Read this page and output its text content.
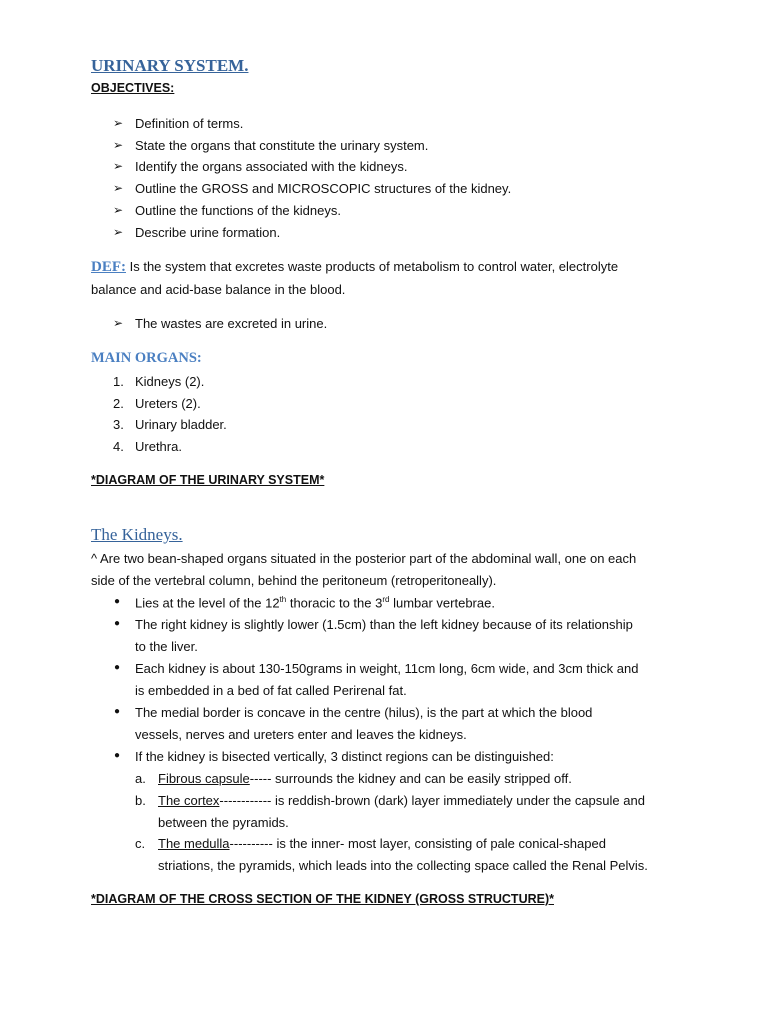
URINARY SYSTEM.
OBJECTIVES:
➢ Definition of terms.
➢ State the organs that constitute the urinary system.
➢ Identify the organs associated with the kidneys.
➢ Outline the GROSS and MICROSCOPIC structures of the kidney.
➢ Outline the functions of the kidneys.
➢ Describe urine formation.
DEF: Is the system that excretes waste products of metabolism to control water, electrolyte
balance and acid-base balance in the blood.
➢ The wastes are excreted in urine.
MAIN ORGANS:
1. Kidneys (2).
2. Ureters (2).
3. Urinary bladder.
4. Urethra.
*DIAGRAM OF THE URINARY SYSTEM*
The Kidneys.
^ Are two bean-shaped organs situated in the posterior part of the abdominal wall, one on each
side of the vertebral column, behind the peritoneum (retroperitoneally).
● Lies at the level of the 12th thoracic to the 3rd lumbar vertebrae.
● The right kidney is slightly lower (1.5cm) than the left kidney because of its relationship
to the liver.
● Each kidney is about 130-150grams in weight, 11cm long, 6cm wide, and 3cm thick and
is embedded in a bed of fat called Perirenal fat.
● The medial border is concave in the centre (hilus), is the part at which the blood
vessels, nerves and ureters enter and leaves the kidneys.
● If the kidney is bisected vertically, 3 distinct regions can be distinguished:
a. Fibrous capsule----- surrounds the kidney and can be easily stripped off.
b. The cortex------------ is reddish-brown (dark) layer immediately under the capsule and
between the pyramids.
c. The medulla---------- is the inner- most layer, consisting of pale conical-shaped
striations, the pyramids, which leads into the collecting space called the Renal Pelvis.
*DIAGRAM OF THE CROSS SECTION OF THE KIDNEY (GROSS STRUCTURE)*
